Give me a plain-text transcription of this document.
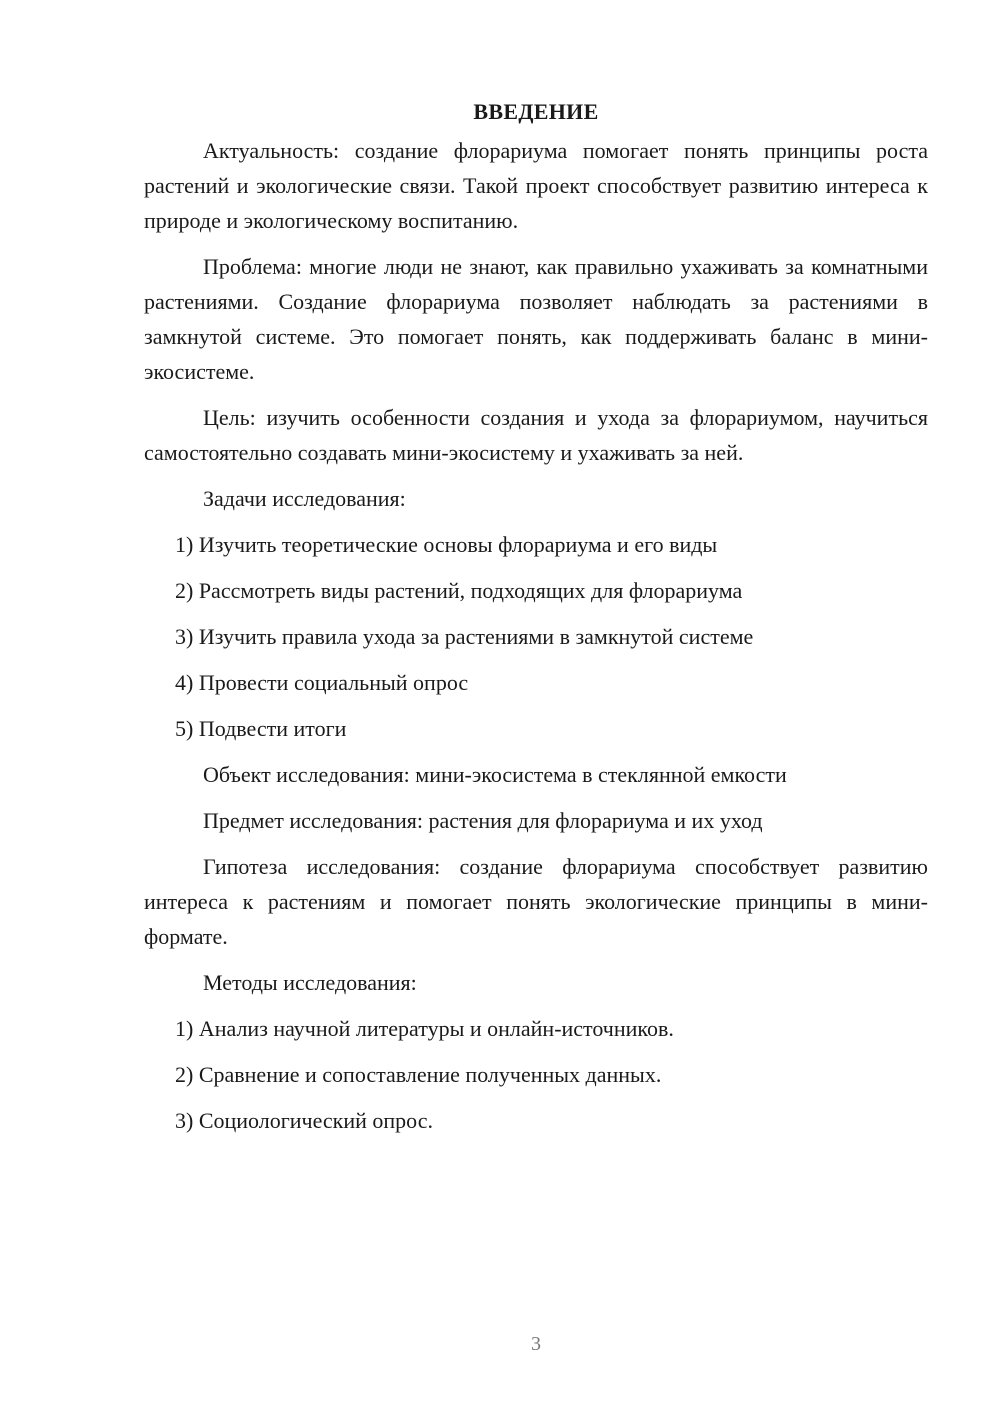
ВВЕДЕНИЕ

Актуальность: создание флорариума помогает понять принципы роста растений и экологические связи. Такой проект способствует развитию интереса к природе и экологическому воспитанию.

Проблема: многие люди не знают, как правильно ухаживать за комнатными растениями. Создание флорариума позволяет наблюдать за растениями в замкнутой системе. Это помогает понять, как поддерживать баланс в мини-экосистеме.

Цель: изучить особенности создания и ухода за флорариумом, научиться самостоятельно создавать мини-экосистему и ухаживать за ней.

Задачи исследования:
1) Изучить теоретические основы флорариума и его виды
2) Рассмотреть виды растений, подходящих для флорариума
3) Изучить правила ухода за растениями в замкнутой системе
4) Провести социальный опрос
5) Подвести итоги
Объект исследования: мини-экосистема в стеклянной емкости
Предмет исследования: растения для флорариума и их уход

Гипотеза исследования: создание флорариума способствует развитию интереса к растениям и помогает понять экологические принципы в мини-формате.

Методы исследования:
1) Анализ научной литературы и онлайн-источников.
2) Сравнение и сопоставление полученных данных.
3) Социологический опрос.
3
